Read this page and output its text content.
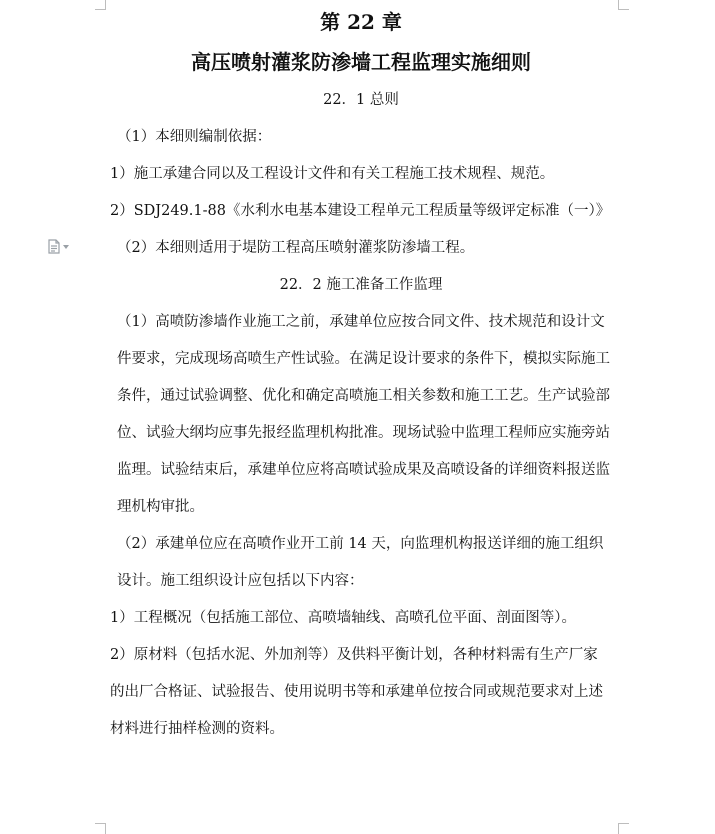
第 22 章
高压喷射灌浆防渗墙工程监理实施细则
22．1 总则

（1）本细则编制依据：

1）施工承建合同以及工程设计文件和有关工程施工技术规程、规范。

2）SDJ249.1-88《水利水电基本建设工程单元工程质量等级评定标准（一）》

（2）本细则适用于堤防工程高压喷射灌浆防渗墙工程。

22．2 施工准备工作监理

（1）高喷防渗墙作业施工之前，承建单位应按合同文件、技术规范和设计文件要求，完成现场高喷生产性试验。在满足设计要求的条件下，模拟实际施工条件，通过试验调整、优化和确定高喷施工相关参数和施工工艺。生产试验部位、试验大纲均应事先报经监理机构批准。现场试验中监理工程师应实施旁站监理。试验结束后，承建单位应将高喷试验成果及高喷设备的详细资料报送监理机构审批。

（2）承建单位应在高喷作业开工前 14 天，向监理机构报送详细的施工组织设计。施工组织设计应包括以下内容：

1）工程概况（包括施工部位、高喷墙轴线、高喷孔位平面、剖面图等）。

2）原材料（包括水泥、外加剂等）及供料平衡计划，各种材料需有生产厂家的出厂合格证、试验报告、使用说明书等和承建单位按合同或规范要求对上述材料进行抽样检测的资料。
